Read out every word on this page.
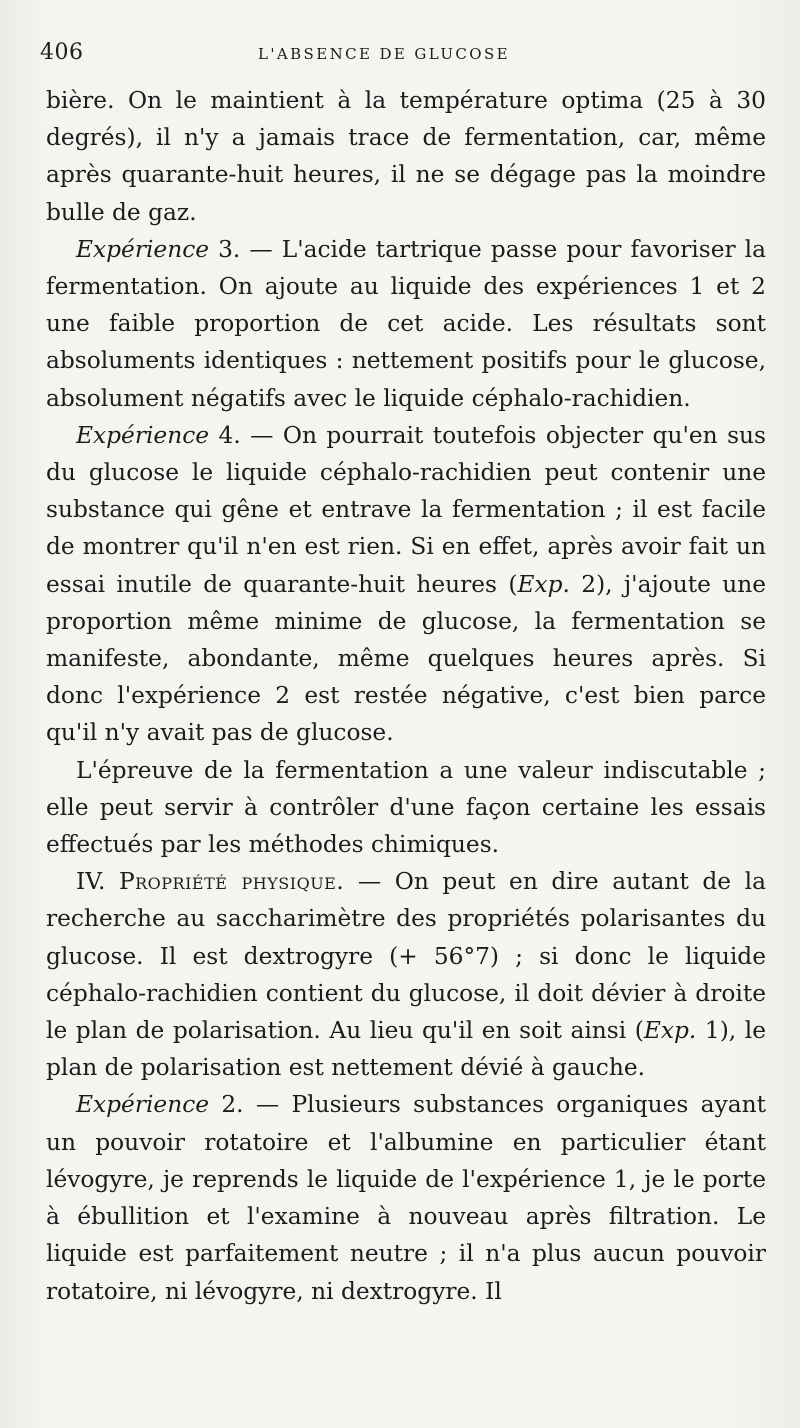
406	L'ABSENCE DE GLUCOSE

bière. On le maintient à la température optima (25 à 30 degrés), il n'y a jamais trace de fermentation, car, même après quarante-huit heures, il ne se dégage pas la moindre bulle de gaz.

Expérience 3. — L'acide tartrique passe pour favoriser la fermentation. On ajoute au liquide des expériences 1 et 2 une faible proportion de cet acide. Les résultats sont absoluments identiques : nettement positifs pour le glucose, absolument négatifs avec le liquide céphalo-rachidien.

Expérience 4. — On pourrait toutefois objecter qu'en sus du glucose le liquide céphalo-rachidien peut contenir une substance qui gêne et entrave la fermentation ; il est facile de montrer qu'il n'en est rien. Si en effet, après avoir fait un essai inutile de quarante-huit heures (Exp. 2), j'ajoute une proportion même minime de glucose, la fermentation se manifeste, abondante, même quelques heures après. Si donc l'expérience 2 est restée négative, c'est bien parce qu'il n'y avait pas de glucose.

L'épreuve de la fermentation a une valeur indiscutable ; elle peut servir à contrôler d'une façon certaine les essais effectués par les méthodes chimiques.

IV. Propriété physique. — On peut en dire autant de la recherche au saccharimètre des propriétés polarisantes du glucose. Il est dextrogyre (+ 56°7) ; si donc le liquide céphalo-rachidien contient du glucose, il doit dévier à droite le plan de polarisation. Au lieu qu'il en soit ainsi (Exp. 1), le plan de polarisation est nettement dévié à gauche.

Expérience 2. — Plusieurs substances organiques ayant un pouvoir rotatoire et l'albumine en particulier étant lévogyre, je reprends le liquide de l'expérience 1, je le porte à ébullition et l'examine à nouveau après filtration. Le liquide est parfaitement neutre ; il n'a plus aucun pouvoir rotatoire, ni lévogyre, ni dextrogyre. Il
